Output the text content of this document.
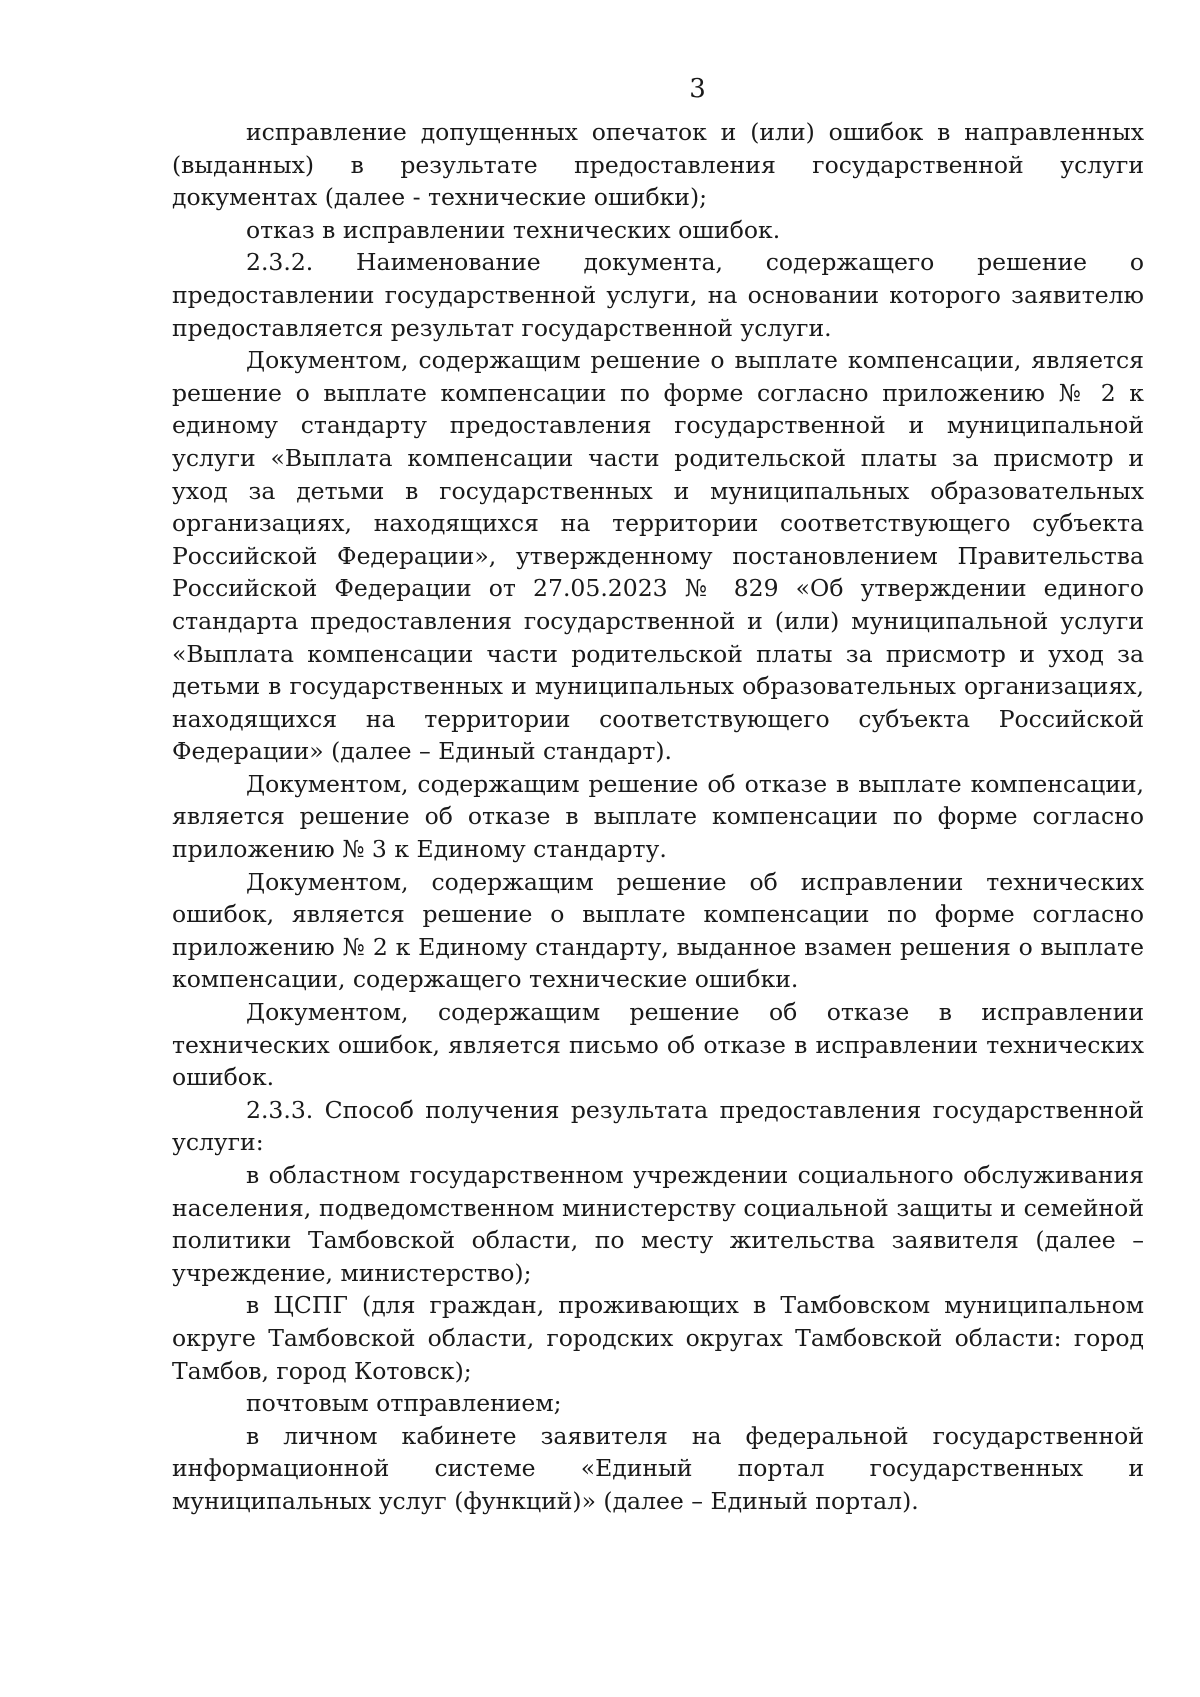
3

исправление допущенных опечаток и (или) ошибок в направленных (выданных) в результате предоставления государственной услуги документах (далее - технические ошибки);

отказ в исправлении технических ошибок.

2.3.2. Наименование документа, содержащего решение о предоставлении государственной услуги, на основании которого заявителю предоставляется результат государственной услуги.

Документом, содержащим решение о выплате компенсации, является решение о выплате компенсации по форме согласно приложению № 2 к единому стандарту предоставления государственной и муниципальной услуги «Выплата компенсации части родительской платы за присмотр и уход за детьми в государственных и муниципальных образовательных организациях, находящихся на территории соответствующего субъекта Российской Федерации», утвержденному постановлением Правительства Российской Федерации от 27.05.2023 № 829 «Об утверждении единого стандарта предоставления государственной и (или) муниципальной услуги «Выплата компенсации части родительской платы за присмотр и уход за детьми в государственных и муниципальных образовательных организациях, находящихся на территории соответствующего субъекта Российской Федерации» (далее – Единый стандарт).

Документом, содержащим решение об отказе в выплате компенсации, является решение об отказе в выплате компенсации по форме согласно приложению № 3 к Единому стандарту.

Документом, содержащим решение об исправлении технических ошибок, является решение о выплате компенсации по форме согласно приложению № 2 к Единому стандарту, выданное взамен решения о выплате компенсации, содержащего технические ошибки.

Документом, содержащим решение об отказе в исправлении технических ошибок, является письмо об отказе в исправлении технических ошибок.

2.3.3. Способ получения результата предоставления государственной услуги:

в областном государственном учреждении социального обслуживания населения, подведомственном министерству социальной защиты и семейной политики Тамбовской области, по месту жительства заявителя (далее – учреждение, министерство);

в ЦСПГ (для граждан, проживающих в Тамбовском муниципальном округе Тамбовской области, городских округах Тамбовской области: город Тамбов, город Котовск);

почтовым отправлением;

в личном кабинете заявителя на федеральной государственной информационной системе «Единый портал государственных и муниципальных услуг (функций)» (далее – Единый портал).
